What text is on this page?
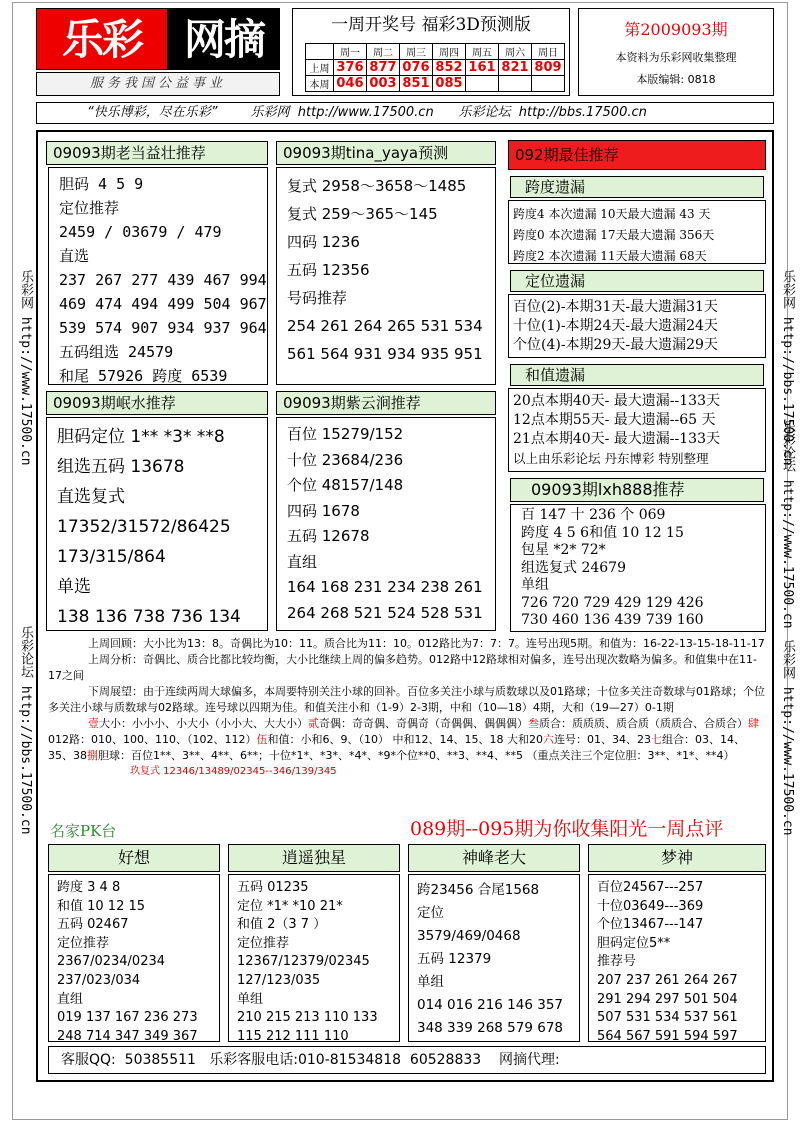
乐彩 网摘
服务我国公益事业
一周开奖号 福彩3D预测版
	周一	周二	周三	周四	周五	周六	周日
上周	376	877	076	852	161	821	809
本周	046	003	851	085			
第2009093期
本资料为乐彩网收集整理
本版编辑: 0818
“快乐博彩，尽在乐彩”        乐彩网  http://www.17500.cn      乐彩论坛  http://bbs.17500.cn
乐彩网 http://www.17500.cn
乐彩论坛 http://bbs.17500.cn
乐彩网 http://bbs.17500.cn
乐彩论坛 http://www.17500.cn
乐彩网 http://www.17500.cn
09093期老当益壮推荐
胆码 4 5 9
定位推荐
2459 / 03679 / 479
直选
237 267 277 439 467 994
469 474 494 499 504 967
539 574 907 934 937 964
五码组选 24579
和尾 57926 跨度 6539
09093期tina_yaya预测
复式 2958～3658～1485
复式 259～365～145
四码 1236
五码 12356
号码推荐
254 261 264 265 531 534
561 564 931 934 935 951
09093期岷水推荐
胆码定位 1** *3* **8
组选五码 13678
直选复式
17352/31572/86425
173/315/864
单选
138 136 738 736 134
09093期紫云涧推荐
百位 15279/152
十位 23684/236
个位 48157/148
四码 1678
五码 12678
直组
164 168 231 234 238 261
264 268 521 524 528 531
092期最佳推荐
跨度遗漏
跨度4 本次遗漏 10天最大遗漏 43 天
跨度0 本次遗漏 17天最大遗漏 356天
跨度2 本次遗漏 11天最大遗漏 68天
定位遗漏
百位(2)-本期31天-最大遗漏31天
十位(1)-本期24天-最大遗漏24天
个位(4)-本期29天-最大遗漏29天
和值遗漏
20点本期40天- 最大遗漏--133天
12点本期55天- 最大遗漏--65 天
21点本期40天- 最大遗漏--133天
以上由乐彩论坛 丹东博彩 特别整理
09093期lxh888推荐
百 147 十 236 个 069
跨度 4 5 6和值 10 12 15
包星 *2* 72*
组选复式 24679
单组
726 720 729 429 129 426
730 460 136 439 739 160

上周回顾：大小比为13：8。奇偶比为10：11。质合比为11：10。012路比为7：7：7。连号出现5期。和值为：16-22-13-15-18-11-17

上周分析：奇偶比、质合比都比较均衡，大小比继续上周的偏多趋势。012路中12路球相对偏多，连号出现次数略为偏多。和值集中在11-17之间

下周展望：由于连续两周大球偏多，本周要特别关注小球的回补。百位多关注小球与质数球以及01路球；十位多关注奇数球与01路球；个位多关注小球与质数球与02路球。连号球以四期为佳。和值关注小和（1-9）2-3期，中和（10—18）4期，大和（19—27）0-1期

壹大小：小小小、小大小（小小大、大大小）贰奇偶：奇奇偶、奇偶奇（奇偶偶、偶偶偶）叁质合：质质质、质合质（质质合、合质合）肆012路：010、100、110、（102、112）伍和值：小和6、9、（10） 中和12、14、15、18 大和20六连号：01、34、23七组合：03、14、35、38捌胆球：百位1**、3**、4**、6**；十位*1*、*3*、*4*、*9*个位**0、**3、**4、**5 （重点关注三个定位胆：3**、*1*、**4）

玖复式 12346/13489/02345--346/139/345
名家PK台	089期--095期为你收集阳光一周点评
好想
跨度 3 4 8
和值 10 12 15
五码 02467
定位推荐
2367/0234/0234
237/023/034
直组
019 137 167 236 273
248 714 347 349 367
逍遥独星
五码 01235
定位 *1* *10 21*
和值 2（3 7 ）
定位推荐
12367/12379/02345
127/123/035
单组
210 215 213 110 133
115 212 111 110
神峰老大
跨23456 合尾1568
定位
3579/469/0468
五码 12379
单组
014 016 216 146 357
348 339 268 579 678
梦神
百位24567---257
十位03649---369
个位13467---147
胆码定位5**
推荐号
207 237 261 264 267
291 294 297 501 504
507 531 534 537 561
564 567 591 594 597
客服QQ:  50385511   乐彩客服电话:010-81534818  60528833    网摘代理:
